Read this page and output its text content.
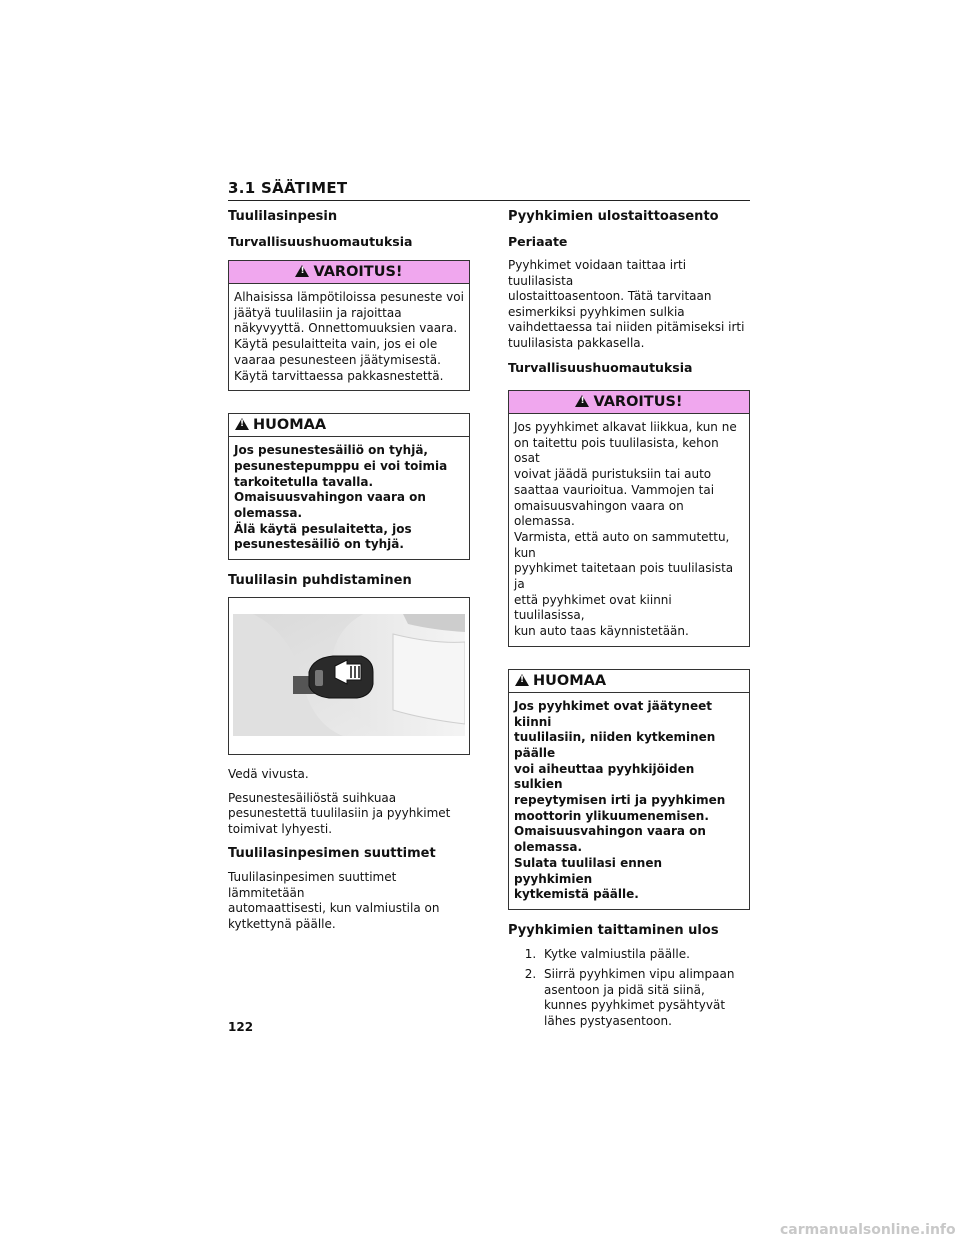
3.1 SÄÄTIMET
Tuulilasinpesin
Turvallisuushuomautuksia
!
VAROITUS!
Alhaisissa lämpötiloissa pesuneste voi
jäätyä tuulilasiin ja rajoittaa
näkyvyyttä. Onnettomuuksien vaara.
Käytä pesulaitteita vain, jos ei ole
vaaraa pesunesteen jäätymisestä.
Käytä tarvittaessa pakkasnestettä.
!
HUOMAA
Jos pesunestesäiliö on tyhjä,
pesunestepumppu ei voi toimia
tarkoitetulla tavalla.
Omaisuusvahingon vaara on olemassa.
Älä käytä pesulaitetta, jos
pesunestesäiliö on tyhjä.
Tuulilasin puhdistaminen

Vedä vivusta.

Pesunestesäiliöstä suihkuaa
pesunestettä tuulilasiin ja pyyhkimet
toimivat lyhyesti.

Tuulilasinpesimen suuttimet

Tuulilasinpesimen suuttimet lämmitetään
automaattisesti, kun valmiustila on
kytkettynä päälle.

Pyyhkimien ulostaittoasento
Periaate

Pyyhkimet voidaan taittaa irti tuulilasista
ulostaittoasentoon. Tätä tarvitaan
esimerkiksi pyyhkimen sulkia
vaihdettaessa tai niiden pitämiseksi irti
tuulilasista pakkasella.

Turvallisuushuomautuksia
!
VAROITUS!
Jos pyyhkimet alkavat liikkua, kun ne
on taitettu pois tuulilasista, kehon osat
voivat jäädä puristuksiin tai auto
saattaa vaurioitua. Vammojen tai
omaisuusvahingon vaara on olemassa.
Varmista, että auto on sammutettu, kun
pyyhkimet taitetaan pois tuulilasista ja
että pyyhkimet ovat kiinni tuulilasissa,
kun auto taas käynnistetään.
!
HUOMAA
Jos pyyhkimet ovat jäätyneet kiinni
tuulilasiin, niiden kytkeminen päälle
voi aiheuttaa pyyhkijöiden sulkien
repeytymisen irti ja pyyhkimen
moottorin ylikuumenemisen.
Omaisuusvahingon vaara on olemassa.
Sulata tuulilasi ennen pyyhkimien
kytkemistä päälle.
Pyyhkimien taittaminen ulos
1. Kytke valmiustila päälle.
2. Siirrä pyyhkimen vipu alimpaan asentoon ja pidä sitä siinä, kunnes pyyhkimet pysähtyvät lähes pystyasentoon.
122
carmanualsonline.info
